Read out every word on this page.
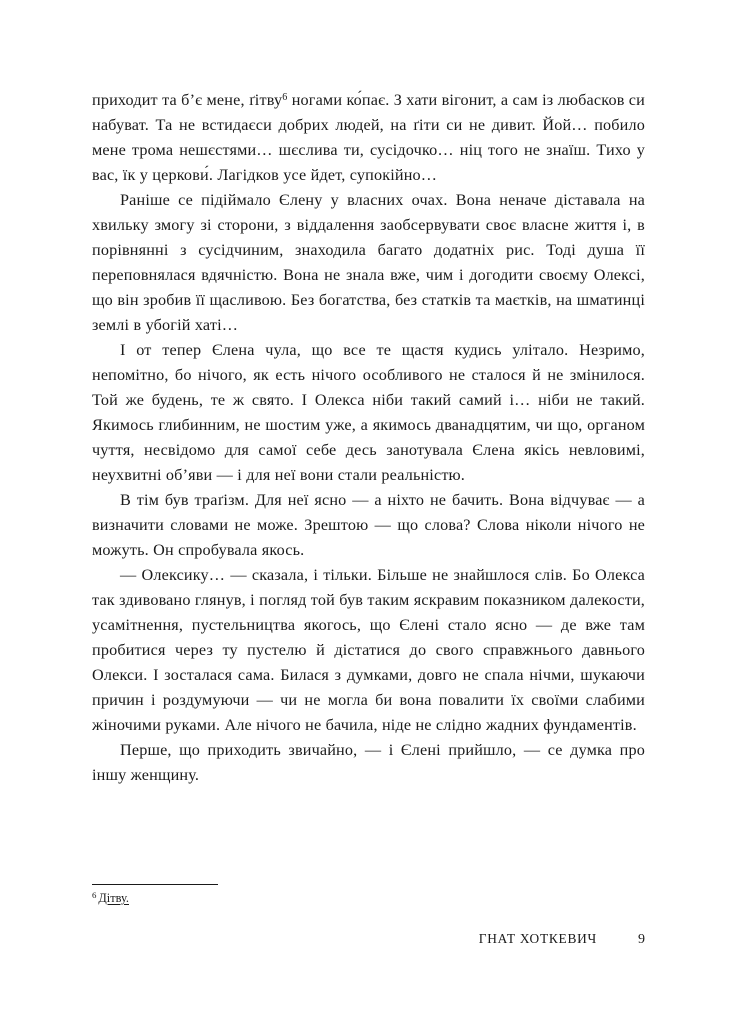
приходит та б’є мене, ґітву$^6$ ногами ко́пає. З хати вігонит, а сам із любасков си набуват. Та не встидаєси добрих людей, на ґіти си не дивит. Йой… побило мене трома нешєстями… шєслива ти, сусідочко… ніц того не знаїш. Тихо у вас, їк у церкови́. Лагідков усе йдет, супокійно…

Раніше се підіймало Єлену у власних очах. Вона неначе діставала на хвильку змогу зі сторони, з віддалення заобсервувати своє власне життя і, в порівнянні з сусідчиним, знаходила багато додатніх рис. Тоді душа її переповнялася вдячністю. Вона не знала вже, чим і догодити своєму Олексі, що він зробив її щасливою. Без богатства, без статків та маєтків, на шматинці землі в убогій хаті…

І от тепер Єлена чула, що все те щастя кудись улітало. Незримо, непомітно, бо нічого, як есть нічого особливого не сталося й не змінилося. Той же будень, те ж свято. І Олекса ніби такий самий і… ніби не такий. Якимось глибинним, не шостим уже, а якимось дванадцятим, чи що, органом чуття, несвідомо для самої себе десь занотувала Єлена якісь невловимі, неухвитні об’яви — і для неї вони стали реальністю.

В тім був траґізм. Для неї ясно — а ніхто не бачить. Вона відчуває — а визначити словами не може. Зрештою — що слова? Слова ніколи нічого не можуть. Он спробувала якось.

— Олексику… — сказала, і тільки. Більше не знайшлося слів. Бо Олекса так здивовано глянув, і погляд той був таким яскравим показником далекости, усамітнення, пустельництва якогось, що Єлені стало ясно — де вже там пробитися через ту пустелю й дістатися до свого справжнього давнього Олекси. І зосталася сама. Билася з думками, довго не спала нічми, шукаючи причин і роздумуючи — чи не могла би вона повалити їх своїми слабими жіночими руками. Але нічого не бачила, ніде не слідно жадних фундаментів.

Перше, що приходить звичайно, — і Єлені прийшло, — се думка про іншу женщину.

$^6$ Дітву.

ГНАТ ХОТКЕВИЧ	9
